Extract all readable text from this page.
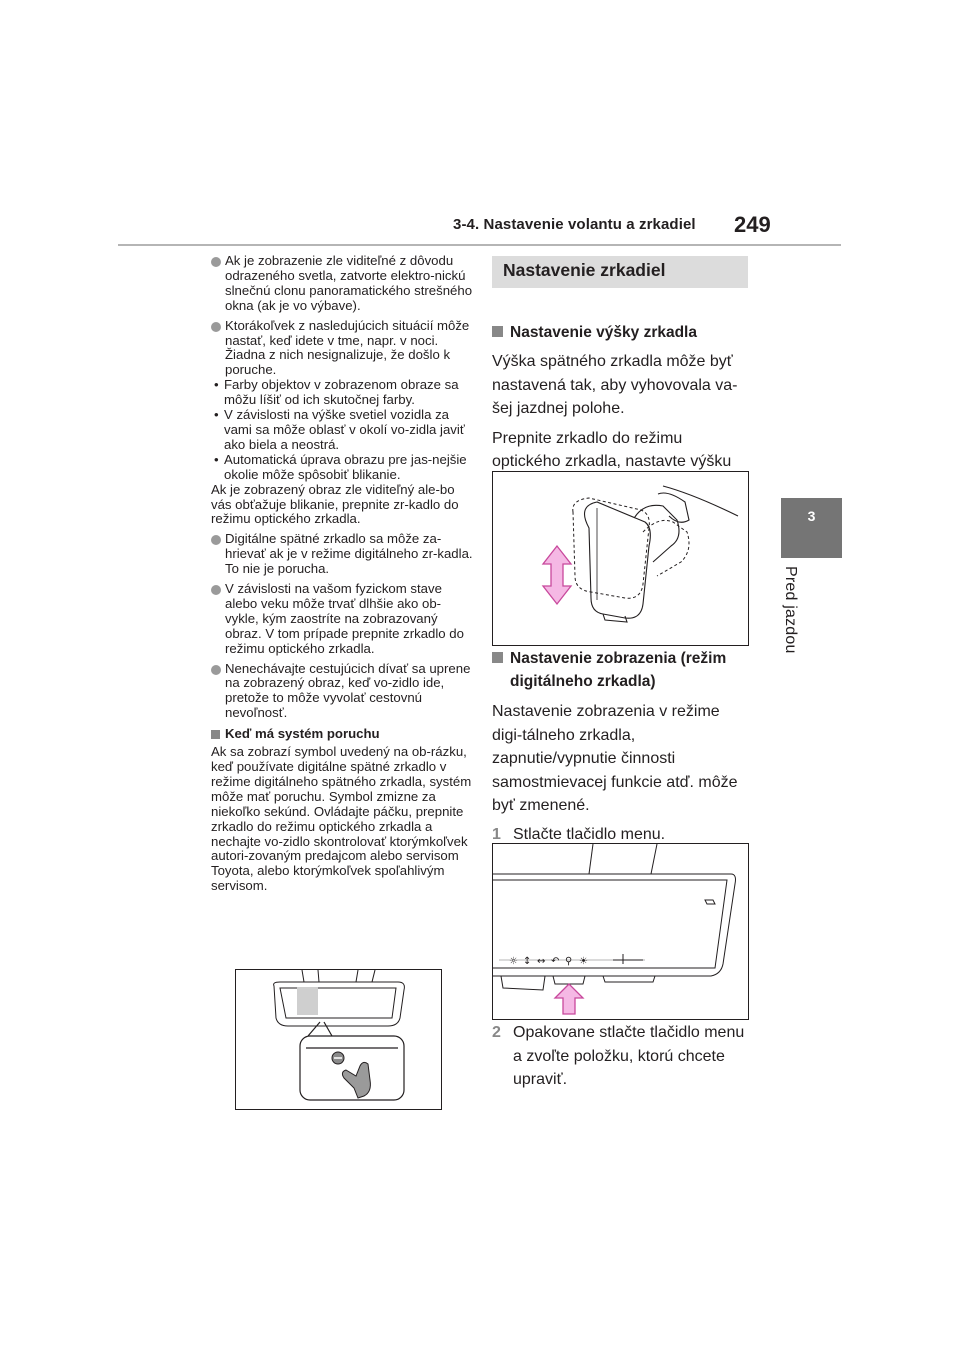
3-4. Nastavenie volantu a zrkadiel 249
3
Pred jazdou

Ak je zobrazenie zle viditeľné z dôvodu odrazeného svetla, zatvorte elektro-nickú slnečnú clonu panoramatického strešného okna (ak je vo výbave).

Ktorákoľvek z nasledujúcich situácií môže nastať, keď idete v tme, napr. v noci. Žiadna z nich nesignalizuje, že došlo k poruche.

• Farby objektov v zobrazenom obraze sa môžu líšiť od ich skutočnej farby.

• V závislosti na výške svetiel vozidla za vami sa môže oblasť v okolí vo-zidla javiť ako biela a neostrá.

• Automatická úprava obrazu pre jas-nejšie okolie môže spôsobiť blikanie.

Ak je zobrazený obraz zle viditeľný ale-bo vás obťažuje blikanie, prepnite zr-kadlo do režimu optického zrkadla.

Digitálne spätné zrkadlo sa môže za-hrievať ak je v režime digitálneho zr-kadla. To nie je porucha.

V závislosti na vašom fyzickom stave alebo veku môže trvať dlhšie ako ob-vykle, kým zaostríte na zobrazovaný obraz. V tom prípade prepnite zrkadlo do režimu optického zrkadla.

Nenechávajte cestujúcich dívať sa uprene na zobrazený obraz, keď vo-zidlo ide, pretože to môže vyvolať cestovnú nevoľnosť.

Keď má systém poruchu

Ak sa zobrazí symbol uvedený na ob-rázku, keď používate digitálne spätné zrkadlo v režime digitálneho spätného zrkadla, systém môže mať poruchu. Symbol zmizne za niekoľko sekúnd. Ovládajte páčku, prepnite zrkadlo do režimu optického zrkadla a nechajte vo-zidlo skontrolovať ktorýmkoľvek autori-zovaným predajcom alebo servisom Toyota, alebo ktorýmkoľvek spoľahlivým servisom.

Nastavenie zrkadiel

Nastavenie výšky zrkadla

Výška spätného zrkadla môže byť nastavená tak, aby vyhovovala va-šej jazdnej polohe.

Prepnite zrkadlo do režimu optického zrkadla, nastavte výšku

Nastavenie zobrazenia (režim digitálneho zrkadla)

Nastavenie zobrazenia v režime digi-tálneho zrkadla, zapnutie/vypnutie činnosti samostmievacej funkcie atď. môže byť zmenené.

1 Stlačte tlačidlo menu.

☼ ↕ ↔ ↶ ⚲ ☀

2 Opakovane stlačte tlačidlo menu a zvoľte položku, ktorú chcete upraviť.
